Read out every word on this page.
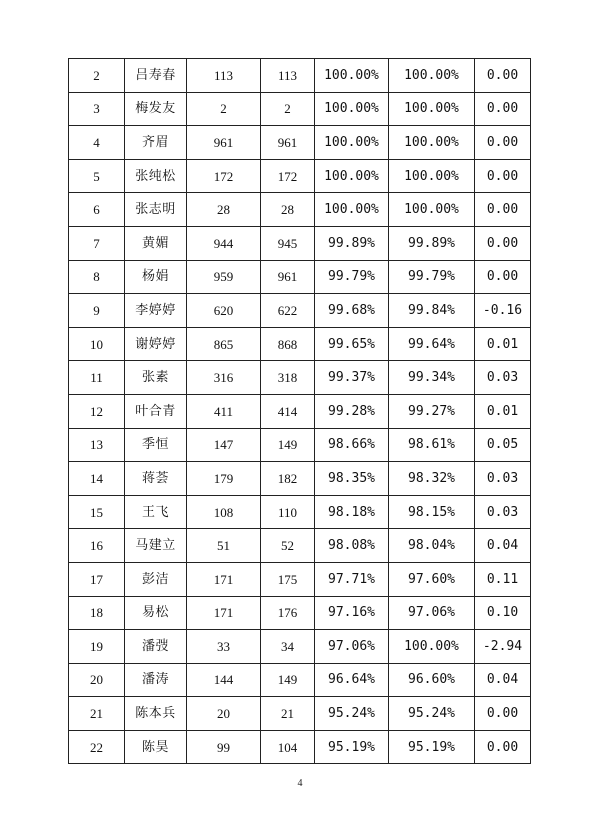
2	吕寿春	113	113	100.00%	100.00%	0.00
3	梅发友	2	2	100.00%	100.00%	0.00
4	齐眉	961	961	100.00%	100.00%	0.00
5	张纯松	172	172	100.00%	100.00%	0.00
6	张志明	28	28	100.00%	100.00%	0.00
7	黄媚	944	945	99.89%	99.89%	0.00
8	杨娟	959	961	99.79%	99.79%	0.00
9	李婷婷	620	622	99.68%	99.84%	-0.16
10	谢婷婷	865	868	99.65%	99.64%	0.01
11	张素	316	318	99.37%	99.34%	0.03
12	叶合青	411	414	99.28%	99.27%	0.01
13	季恒	147	149	98.66%	98.61%	0.05
14	蒋荟	179	182	98.35%	98.32%	0.03
15	王飞	108	110	98.18%	98.15%	0.03
16	马建立	51	52	98.08%	98.04%	0.04
17	彭洁	171	175	97.71%	97.60%	0.11
18	易松	171	176	97.16%	97.06%	0.10
19	潘弢	33	34	97.06%	100.00%	-2.94
20	潘涛	144	149	96.64%	96.60%	0.04
21	陈本兵	20	21	95.24%	95.24%	0.00
22	陈昊	99	104	95.19%	95.19%	0.00
4
